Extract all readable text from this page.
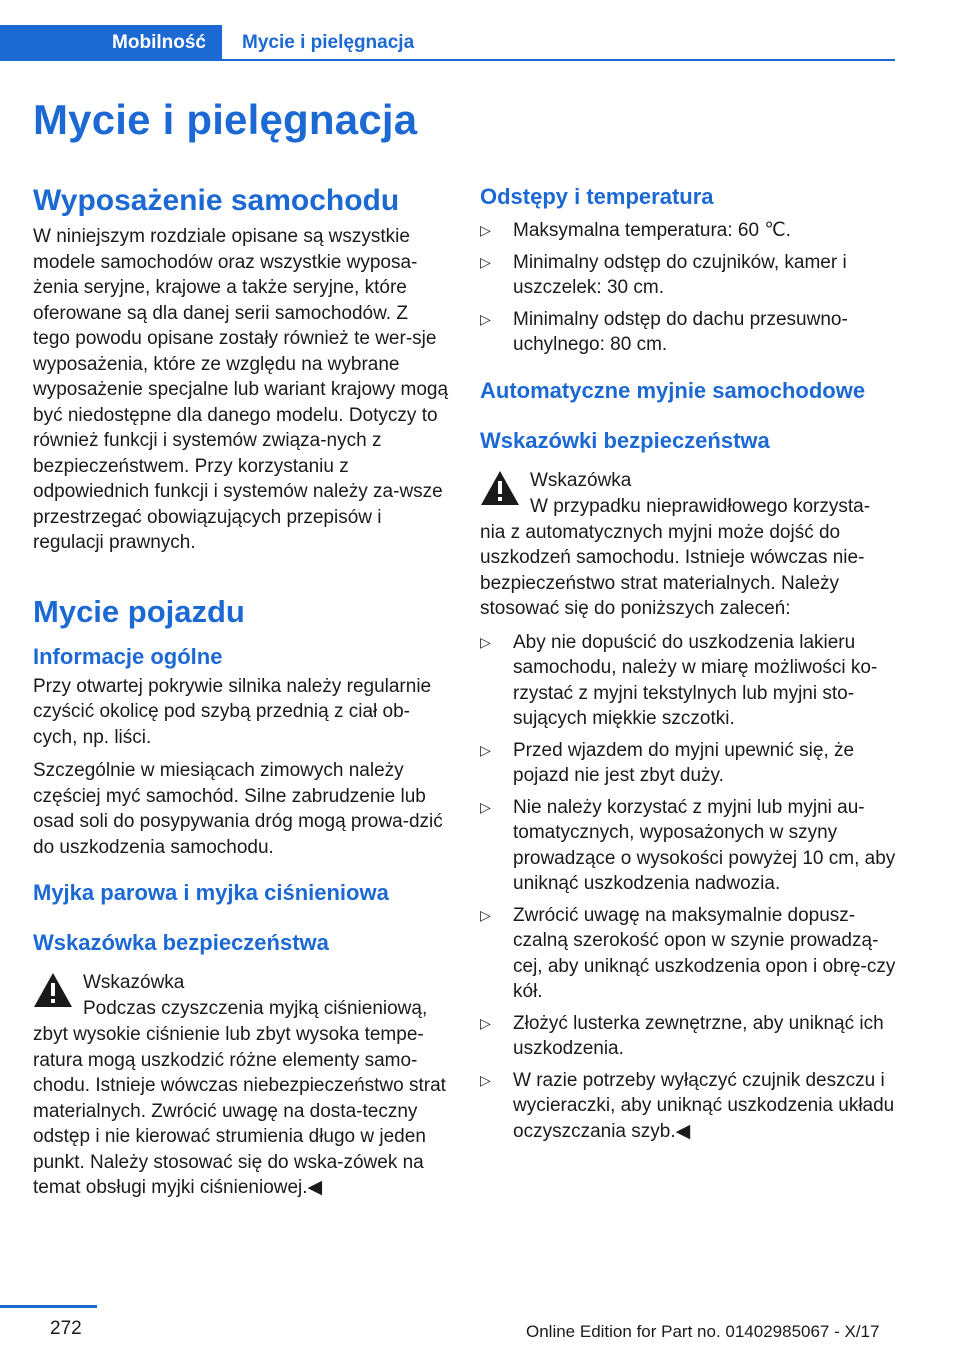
Mobilność	Mycie i pielęgnacja
Mycie i pielęgnacja
Wyposażenie samochodu

W niniejszym rozdziale opisane są wszystkie modele samochodów oraz wszystkie wyposa-żenia seryjne, krajowe a także seryjne, które oferowane są dla danej serii samochodów. Z tego powodu opisane zostały również te wer-sje wyposażenia, które ze względu na wybrane wyposażenie specjalne lub wariant krajowy mogą być niedostępne dla danego modelu. Dotyczy to również funkcji i systemów związa-nych z bezpieczeństwem. Przy korzystaniu z odpowiednich funkcji i systemów należy za-wsze przestrzegać obowiązujących przepisów i regulacji prawnych.

Mycie pojazdu
Informacje ogólne

Przy otwartej pokrywie silnika należy regularnie czyścić okolicę pod szybą przednią z ciał ob-cych, np. liści.

Szczególnie w miesiącach zimowych należy częściej myć samochód. Silne zabrudzenie lub osad soli do posypywania dróg mogą prowa-dzić do uszkodzenia samochodu.

Myjka parowa i myjka ciśnieniowa
Wskazówka bezpieczeństwa
Wskazówka
Podczas czyszczenia myjką ciśnieniową,

zbyt wysokie ciśnienie lub zbyt wysoka tempe-ratura mogą uszkodzić różne elementy samo-chodu. Istnieje wówczas niebezpieczeństwo strat materialnych. Zwrócić uwagę na dosta-teczny odstęp i nie kierować strumienia długo w jeden punkt. Należy stosować się do wska-zówek na temat obsługi myjki ciśnieniowej.◀

Odstępy i temperatura
▷ Maksymalna temperatura: 60 ℃.
▷ Minimalny odstęp do czujników, kamer i uszczelek: 30 cm.
▷ Minimalny odstęp do dachu przesuwno-uchylnego: 80 cm.
Automatyczne myjnie samochodowe
Wskazówki bezpieczeństwa
Wskazówka
W przypadku nieprawidłowego korzysta-

nia z automatycznych myjni może dojść do uszkodzeń samochodu. Istnieje wówczas nie-bezpieczeństwo strat materialnych. Należy stosować się do poniższych zaleceń:

▷ Aby nie dopuścić do uszkodzenia lakieru samochodu, należy w miarę możliwości ko-rzystać z myjni tekstylnych lub myjni sto-sujących miękkie szczotki.
▷ Przed wjazdem do myjni upewnić się, że pojazd nie jest zbyt duży.
▷ Nie należy korzystać z myjni lub myjni au-tomatycznych, wyposażonych w szyny prowadzące o wysokości powyżej 10 cm, aby uniknąć uszkodzenia nadwozia.
▷ Zwrócić uwagę na maksymalnie dopusz-czalną szerokość opon w szynie prowadzą-cej, aby uniknąć uszkodzenia opon i obrę-czy kół.
▷ Złożyć lusterka zewnętrzne, aby uniknąć ich uszkodzenia.
▷ W razie potrzeby wyłączyć czujnik deszczu i wycieraczki, aby uniknąć uszkodzenia układu oczyszczania szyb.◀
272	Online Edition for Part no. 01402985067 - X/17
